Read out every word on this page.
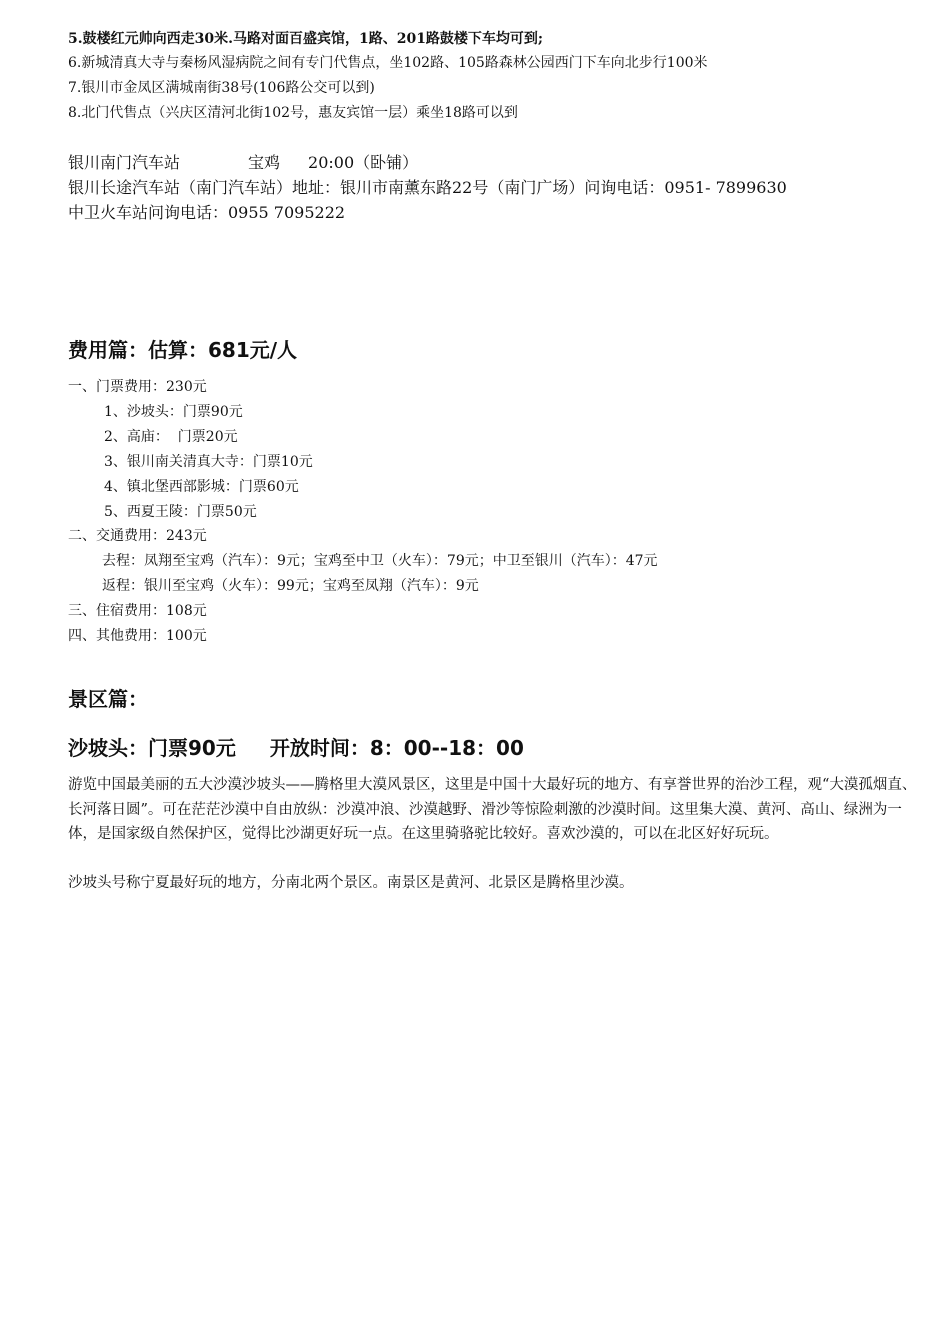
5.鼓楼红元帅向西走30米.马路对面百盛宾馆，1路、201路鼓楼下车均可到;
6.新城清真大寺与秦杨风湿病院之间有专门代售点，坐102路、105路森林公园西门下车向北步行100米
7.银川市金凤区满城南街38号(106路公交可以到)
8.北门代售点（兴庆区清河北街102号，惠友宾馆一层）乘坐18路可以到
银川南门汽车站	宝鸡 20:00（卧铺）
银川长途汽车站（南门汽车站）地址：银川市南薰东路22号（南门广场）问询电话：0951- 7899630
中卫火车站问询电话：0955 7095222
费用篇：估算：681元/人
一、门票费用：230元
1、沙坡头：门票90元
2、高庙：  门票20元
3、银川南关清真大寺：门票10元
4、镇北堡西部影城：门票60元
5、西夏王陵：门票50元
二、交通费用：243元
去程：凤翔至宝鸡（汽车）：9元；宝鸡至中卫（火车）：79元；中卫至银川（汽车）：47元
返程：银川至宝鸡（火车）：99元；宝鸡至凤翔（汽车）：9元
三、住宿费用：108元
四、其他费用：100元
景区篇：
沙坡头：门票90元 开放时间：8：00--18：00
游览中国最美丽的五大沙漠沙坡头——腾格里大漠风景区，这里是中国十大最好玩的地方、有享誉世界的治沙工程，观“大漠孤烟直、长河落日圆”。可在茫茫沙漠中自由放纵：沙漠冲浪、沙漠越野、滑沙等惊险刺激的沙漠时间。这里集大漠、黄河、高山、绿洲为一体，是国家级自然保护区，觉得比沙湖更好玩一点。在这里骑骆驼比较好。喜欢沙漠的，可以在北区好好玩玩。
沙坡头号称宁夏最好玩的地方，分南北两个景区。南景区是黄河、北景区是腾格里沙漠。
